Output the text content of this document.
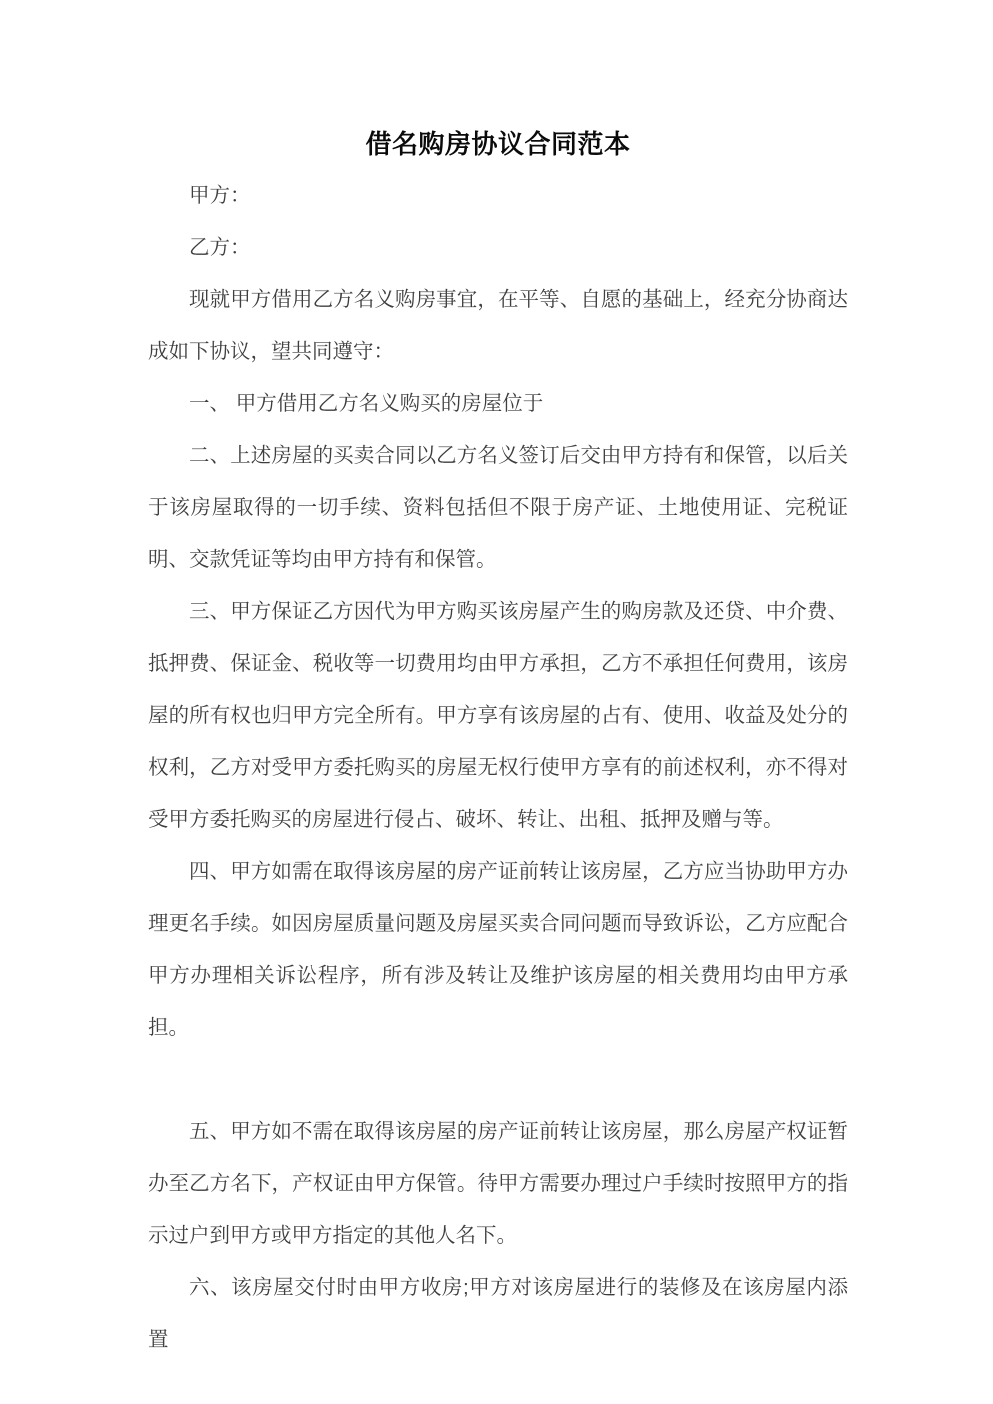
借名购房协议合同范本

甲方：

乙方：

现就甲方借用乙方名义购房事宜，在平等、自愿的基础上，经充分协商达成如下协议，望共同遵守：

一、 甲方借用乙方名义购买的房屋位于

二、上述房屋的买卖合同以乙方名义签订后交由甲方持有和保管，以后关于该房屋取得的一切手续、资料包括但不限于房产证、土地使用证、完税证明、交款凭证等均由甲方持有和保管。

三、甲方保证乙方因代为甲方购买该房屋产生的购房款及还贷、中介费、抵押费、保证金、税收等一切费用均由甲方承担，乙方不承担任何费用，该房屋的所有权也归甲方完全所有。甲方享有该房屋的占有、使用、收益及处分的权利，乙方对受甲方委托购买的房屋无权行使甲方享有的前述权利，亦不得对受甲方委托购买的房屋进行侵占、破坏、转让、出租、抵押及赠与等。

四、甲方如需在取得该房屋的房产证前转让该房屋，乙方应当协助甲方办理更名手续。如因房屋质量问题及房屋买卖合同问题而导致诉讼，乙方应配合甲方办理相关诉讼程序，所有涉及转让及维护该房屋的相关费用均由甲方承担。

五、甲方如不需在取得该房屋的房产证前转让该房屋，那么房屋产权证暂办至乙方名下，产权证由甲方保管。待甲方需要办理过户手续时按照甲方的指示过户到甲方或甲方指定的其他人名下。

六、该房屋交付时由甲方收房;甲方对该房屋进行的装修及在该房屋内添置
